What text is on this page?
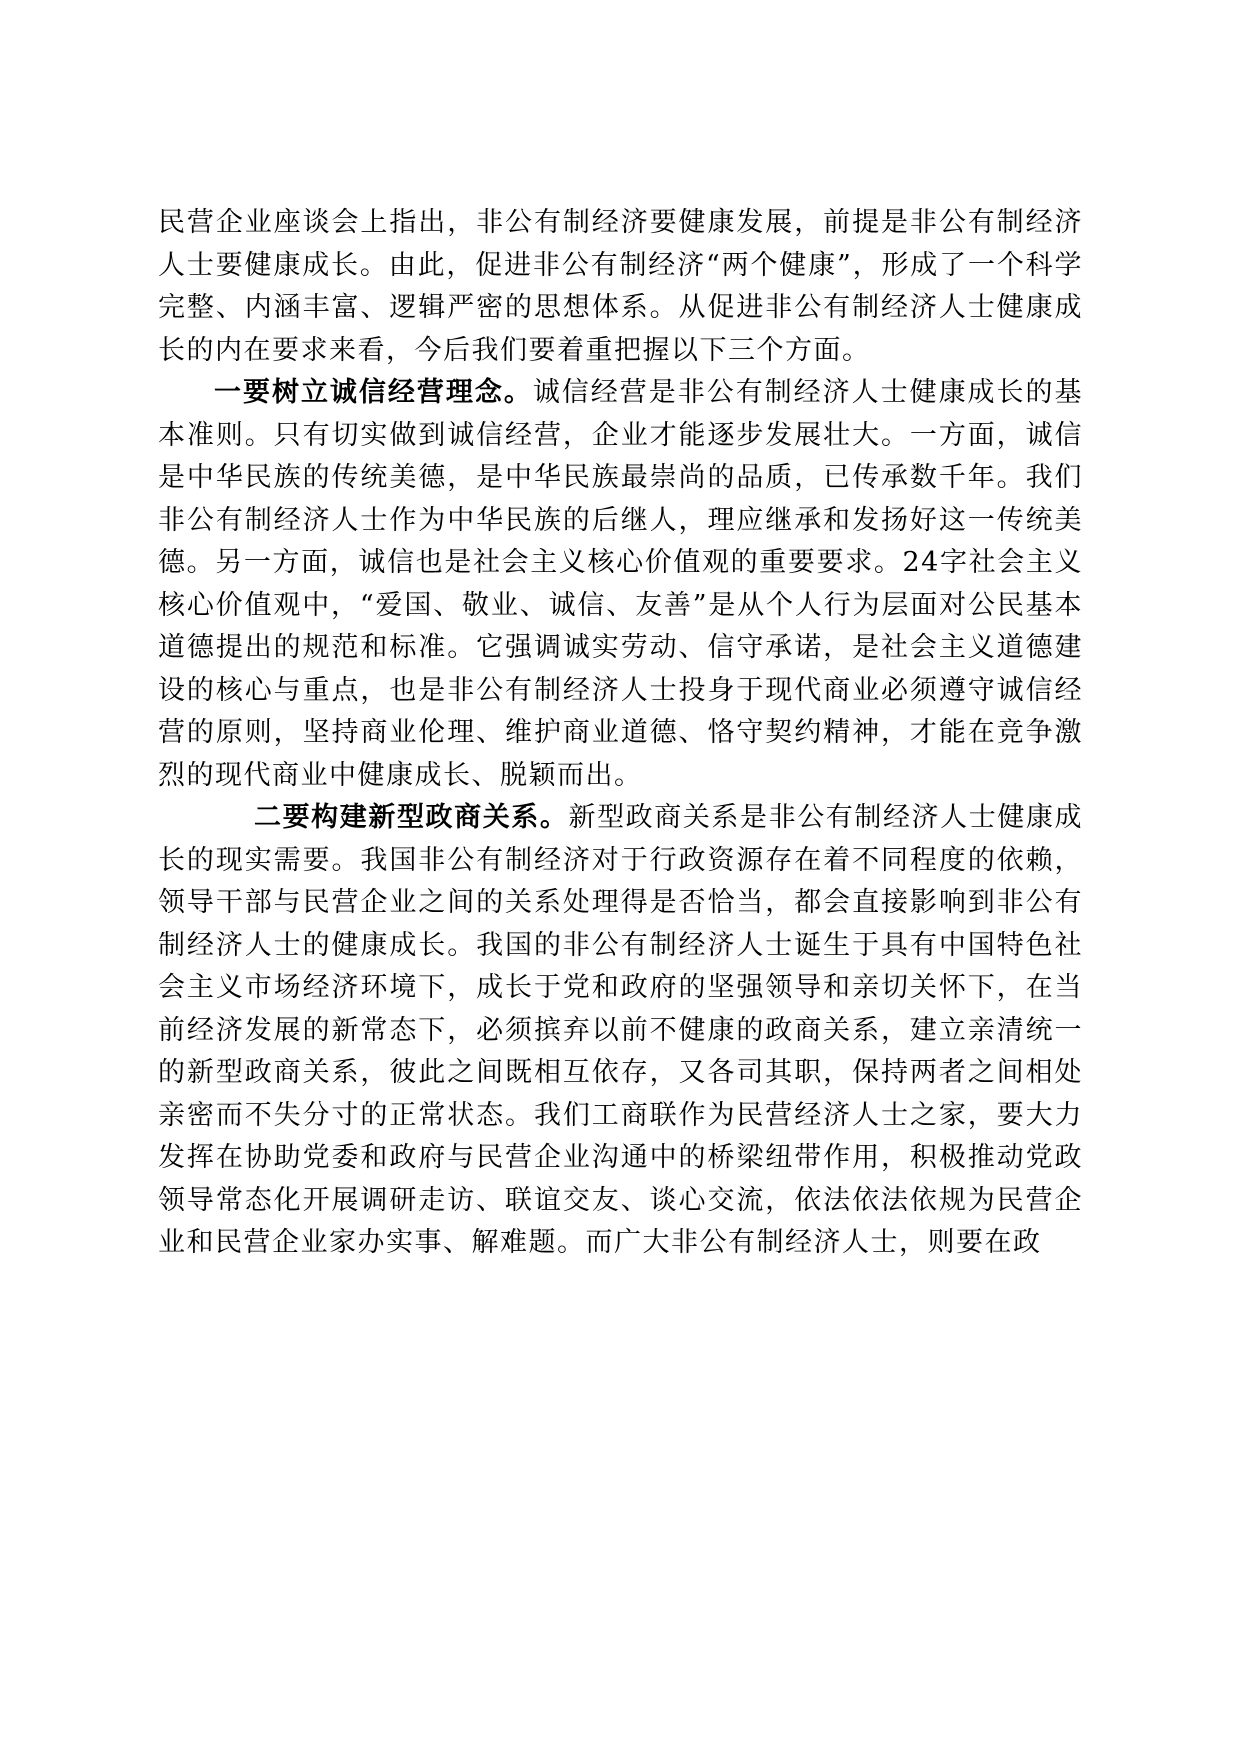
民营企业座谈会上指出，非公有制经济要健康发展，前提是非公有制经济人士要健康成长。由此，促进非公有制经济“两个健康”，形成了一个科学完整、内涵丰富、逻辑严密的思想体系。从促进非公有制经济人士健康成长的内在要求来看，今后我们要着重把握以下三个方面。

一要树立诚信经营理念。诚信经营是非公有制经济人士健康成长的基本准则。只有切实做到诚信经营，企业才能逐步发展壮大。一方面，诚信是中华民族的传统美德，是中华民族最崇尚的品质，已传承数千年。我们非公有制经济人士作为中华民族的后继人，理应继承和发扬好这一传统美德。另一方面，诚信也是社会主义核心价值观的重要要求。24字社会主义核心价值观中，“爱国、敬业、诚信、友善”是从个人行为层面对公民基本道德提出的规范和标准。它强调诚实劳动、信守承诺，是社会主义道德建设的核心与重点，也是非公有制经济人士投身于现代商业必须遵守诚信经营的原则，坚持商业伦理、维护商业道德、恪守契约精神，才能在竞争激烈的现代商业中健康成长、脱颖而出。

二要构建新型政商关系。新型政商关系是非公有制经济人士健康成长的现实需要。我国非公有制经济对于行政资源存在着不同程度的依赖，领导干部与民营企业之间的关系处理得是否恰当，都会直接影响到非公有制经济人士的健康成长。我国的非公有制经济人士诞生于具有中国特色社会主义市场经济环境下，成长于党和政府的坚强领导和亲切关怀下，在当前经济发展的新常态下，必须摈弃以前不健康的政商关系，建立亲清统一的新型政商关系，彼此之间既相互依存，又各司其职，保持两者之间相处亲密而不失分寸的正常状态。我们工商联作为民营经济人士之家，要大力发挥在协助党委和政府与民营企业沟通中的桥梁纽带作用，积极推动党政领导常态化开展调研走访、联谊交友、谈心交流，依法依法依规为民营企业和民营企业家办实事、解难题。而广大非公有制经济人士，则要在政
